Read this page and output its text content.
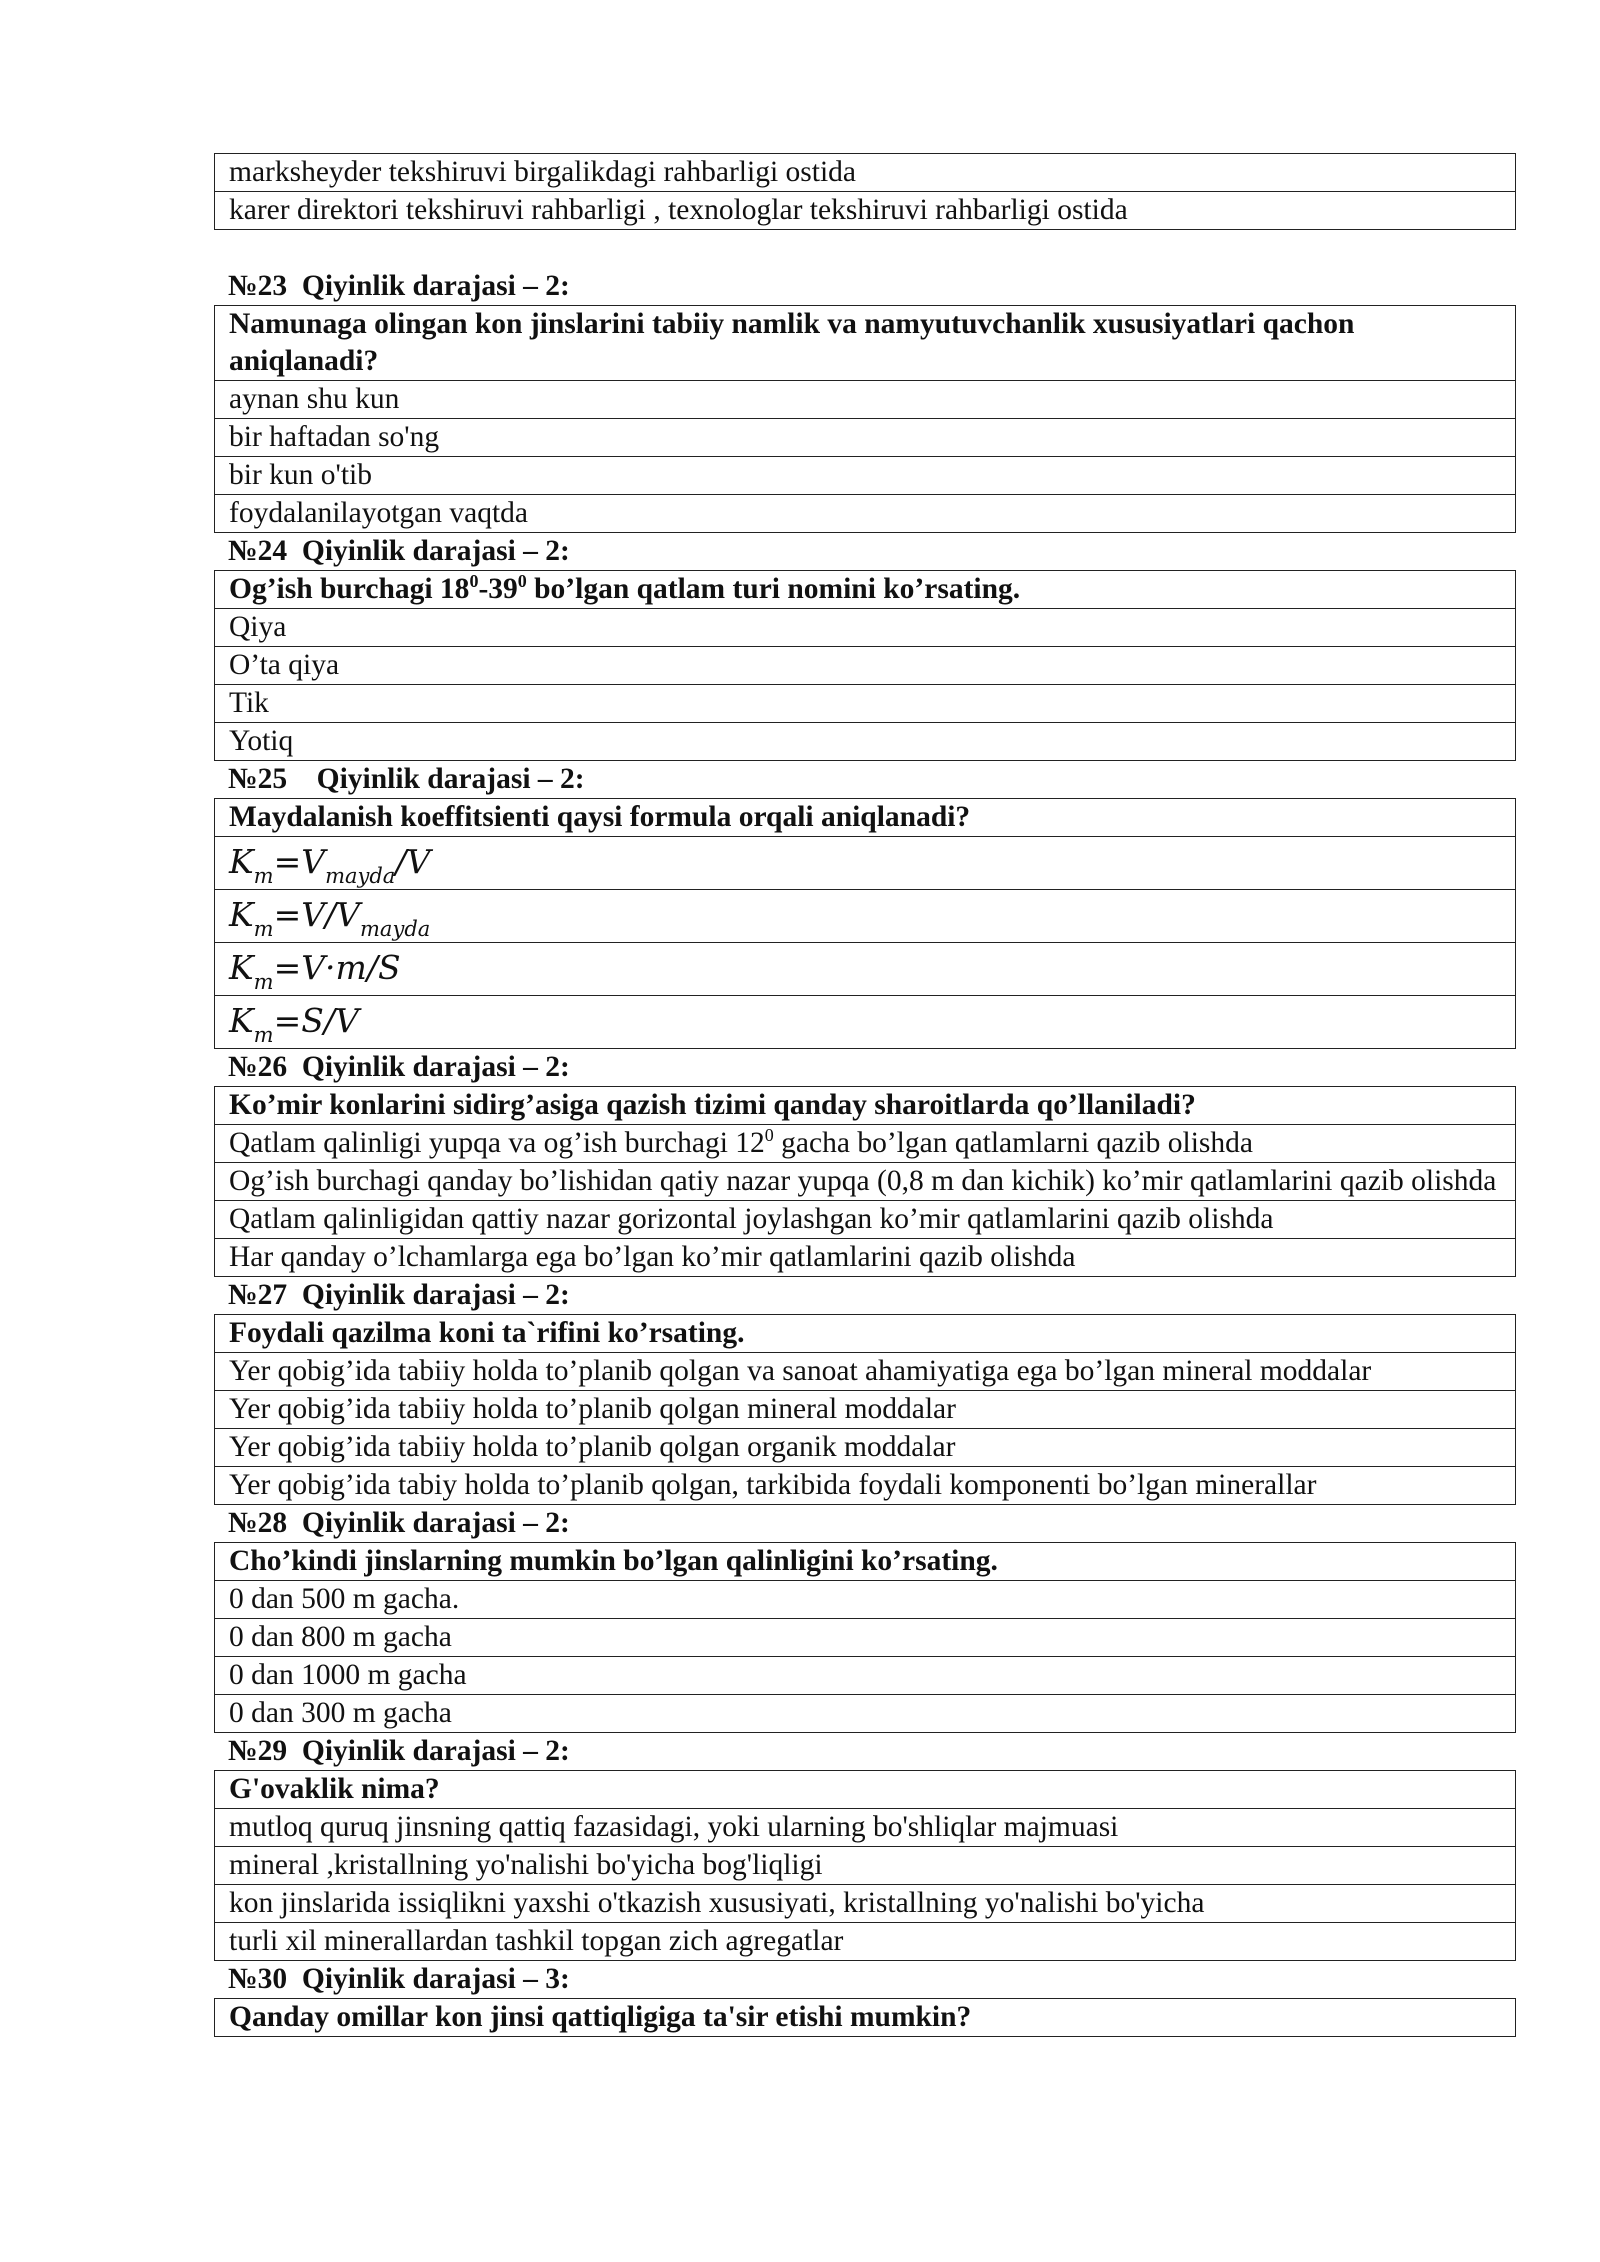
marksheyder tekshiruvi birgalikdagi rahbarligi ostida
karer direktori tekshiruvi rahbarligi , texnologlar tekshiruvi rahbarligi ostida
№23  Qiyinlik darajasi – 2:
Namunaga olingan kon jinslarini tabiiy namlik va namyutuvchanlik xususiyatlari qachon aniqlanadi?
aynan shu kun
bir haftadan so'ng
bir kun o'tib
foydalanilayotgan vaqtda
№24  Qiyinlik darajasi – 2:
Og’ish burchagi $18^0-39^0$ bo’lgan qatlam turi nomini ko’rsating.
Qiya
O’ta qiya
Tik
Yotiq
№25    Qiyinlik darajasi – 2:
Maydalanish koeffitsienti qaysi formula orqali aniqlanadi?
$K_m=V_{mayda}/V$
$K_m=V/V_{mayda}$
$K_m=V\cdot m/S$
$K_m=S/V$
№26  Qiyinlik darajasi – 2:
Ko’mir konlarini sidirg’asiga qazish tizimi qanday sharoitlarda qo’llaniladi?
Qatlam qalinligi yupqa va og’ish burchagi $12^0$ gacha bo’lgan qatlamlarni qazib olishda
Og’ish burchagi qanday bo’lishidan qatiy nazar yupqa (0,8 m dan kichik) ko’mir qatlamlarini qazib olishda
Qatlam qalinligidan qattiy nazar gorizontal joylashgan ko’mir qatlamlarini qazib olishda
Har qanday o’lchamlarga ega bo’lgan ko’mir qatlamlarini qazib olishda
№27  Qiyinlik darajasi – 2:
Foydali qazilma koni ta`rifini ko’rsating.
Yer qobig’ida tabiiy holda to’planib qolgan va sanoat ahamiyatiga ega bo’lgan mineral moddalar
Yer qobig’ida tabiiy holda to’planib qolgan mineral moddalar
Yer qobig’ida tabiiy holda to’planib qolgan organik moddalar
Yer qobig’ida tabiy holda to’planib qolgan, tarkibida foydali komponenti bo’lgan minerallar
№28  Qiyinlik darajasi – 2:
Cho’kindi jinslarning mumkin bo’lgan qalinligini ko’rsating.
0 dan 500 m gacha.
0 dan 800 m gacha
0 dan 1000 m gacha
0 dan 300 m gacha
№29  Qiyinlik darajasi – 2:
G'ovaklik nima?
mutloq quruq jinsning qattiq fazasidagi, yoki ularning bo'shliqlar majmuasi
mineral ,kristallning yo'nalishi bo'yicha bog'liqligi
kon jinslarida issiqlikni yaxshi o'tkazish xususiyati, kristallning yo'nalishi bo'yicha
turli xil minerallardan tashkil topgan zich agregatlar
№30  Qiyinlik darajasi – 3:
Qanday omillar kon jinsi qattiqligiga ta'sir etishi mumkin?
